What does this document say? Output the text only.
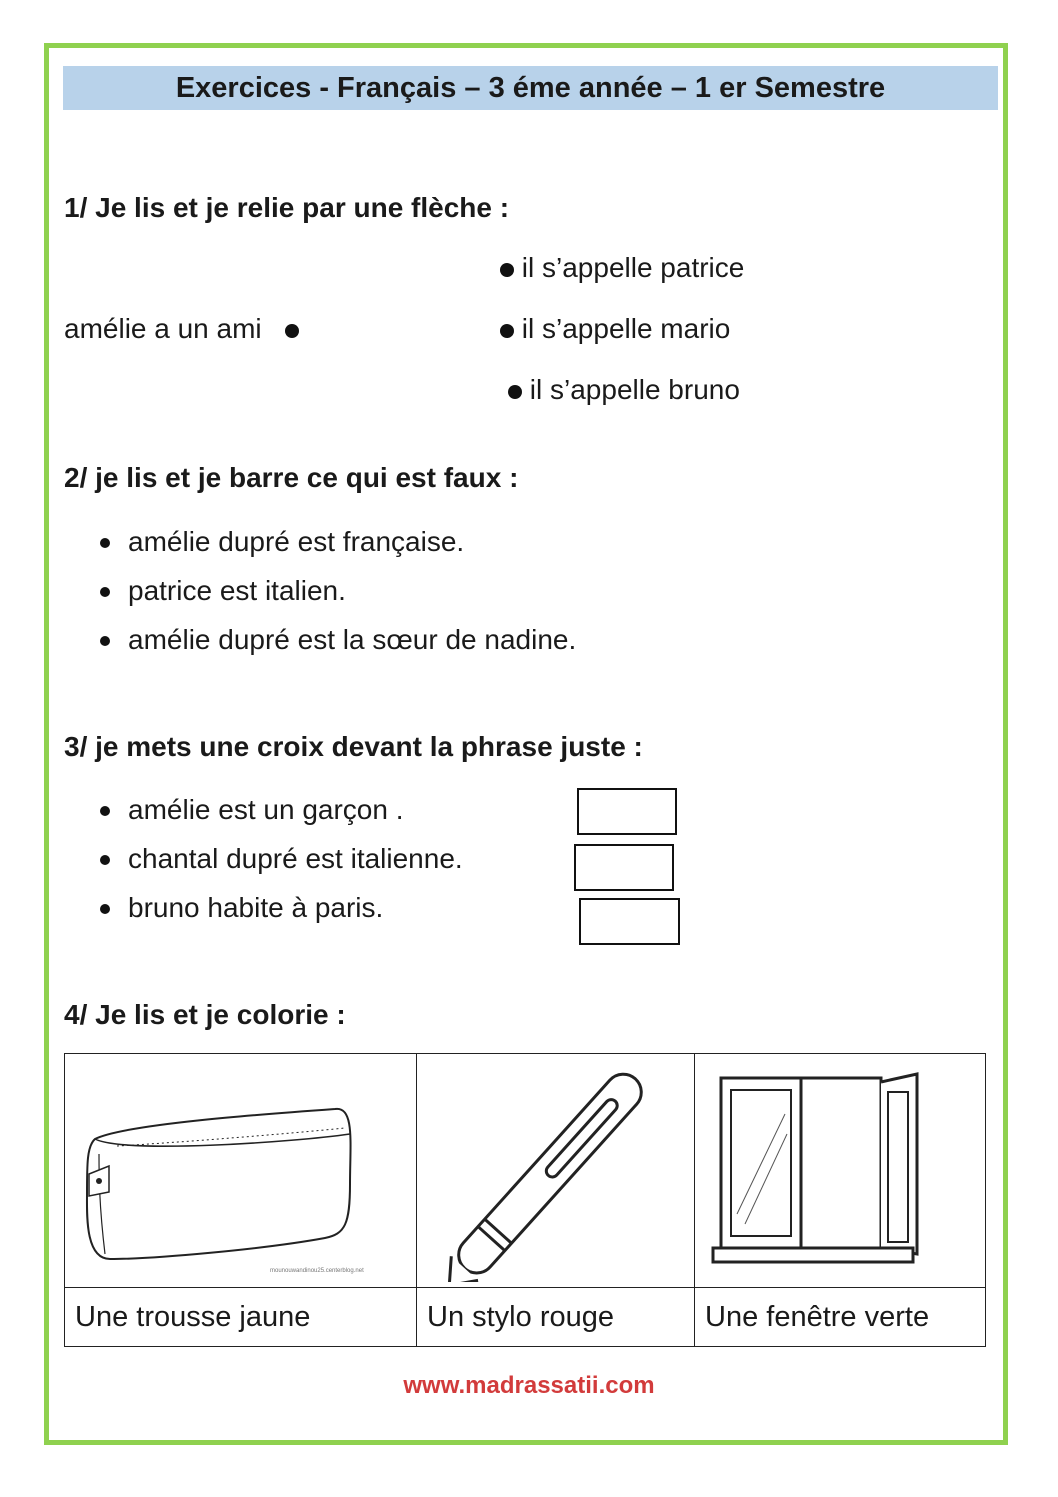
Exercices - Français – 3 éme année – 1 er Semestre
1/ Je lis et je relie par une flèche :
il s’appelle patrice
amélie a un ami	il s’appelle mario
il s’appelle bruno
2/ je lis et je barre ce qui est faux :
amélie dupré est française.
patrice est italien.
amélie dupré est la sœur de nadine.
3/ je mets une croix devant la phrase juste :
amélie est un garçon .
chantal dupré est italienne.
bruno habite à paris.
4/ Je lis et je colorie :
mounouwandinou25.centerblog.net

Une trousse jaune	Un stylo rouge	Une fenêtre verte
www.madrassatii.com
